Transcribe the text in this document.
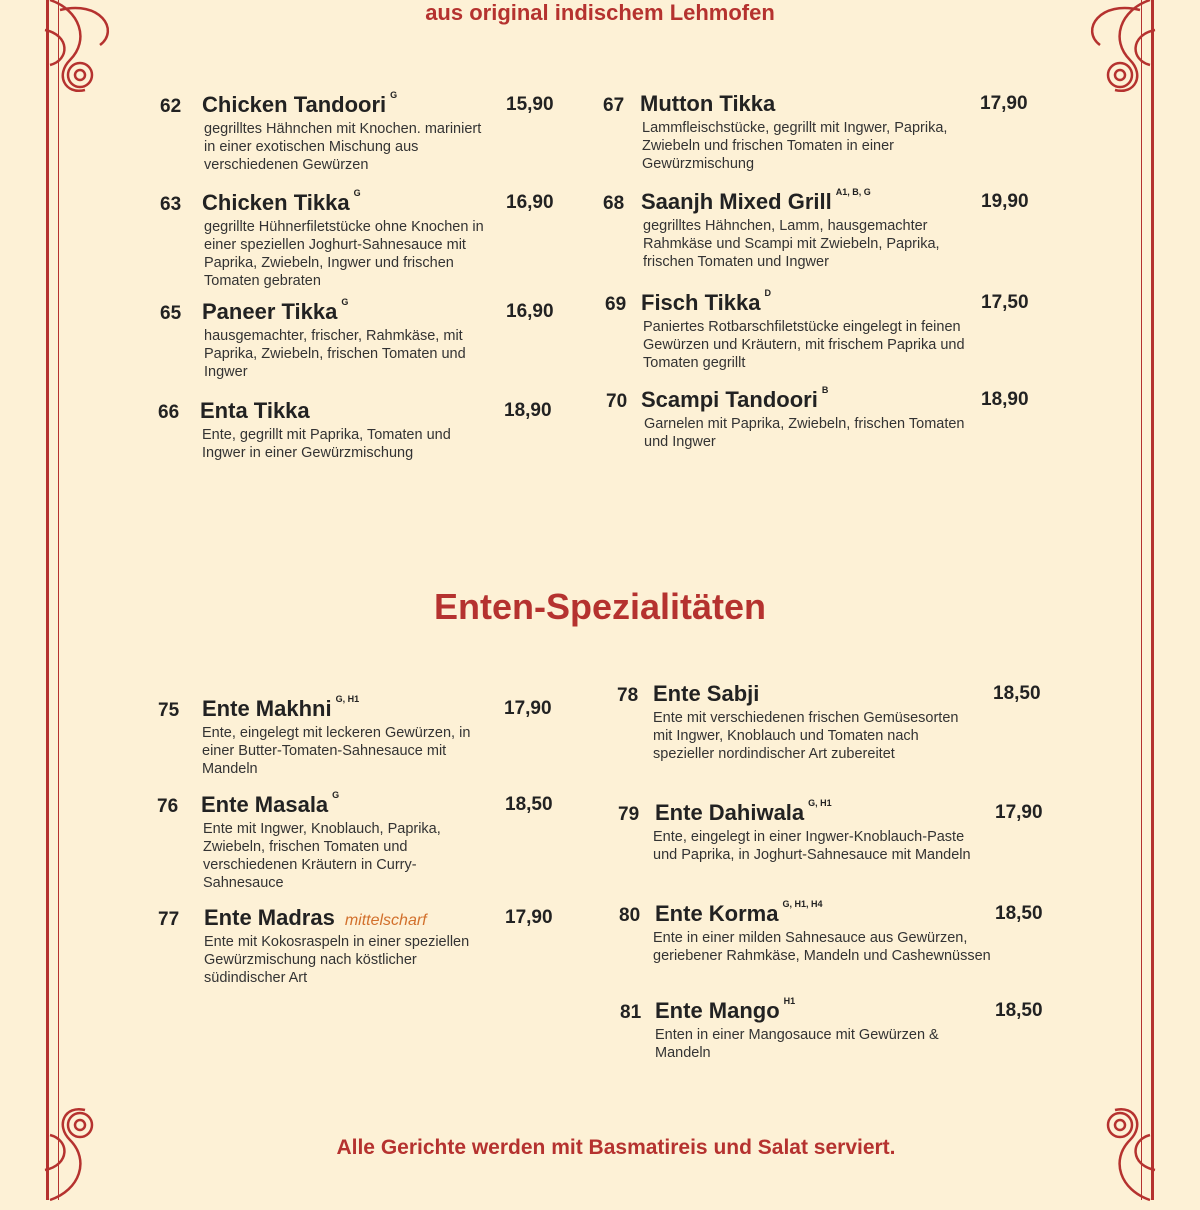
aus original indischem Lehmofen
62 Chicken Tandoori $^G$	15,90
gegrilltes Hähnchen mit Knochen. mariniert in einer exotischen Mischung aus verschiedenen Gewürzen
63 Chicken Tikka $^G$	16,90
gegrillte Hühnerfiletstücke ohne Knochen in einer speziellen Joghurt-Sahnesauce mit Paprika, Zwiebeln, Ingwer und frischen Tomaten gebraten
65 Paneer Tikka $^G$	16,90
hausgemachter, frischer, Rahmkäse, mit Paprika, Zwiebeln, frischen Tomaten und Ingwer
66 Enta Tikka	18,90
Ente, gegrillt mit Paprika, Tomaten und Ingwer in einer Gewürzmischung
67 Mutton Tikka	17,90
Lammfleischstücke, gegrillt mit Ingwer, Paprika, Zwiebeln und frischen Tomaten in einer Gewürzmischung
68 Saanjh Mixed Grill $^{A1, B, G}$	19,90
gegrilltes Hähnchen, Lamm, hausgemachter Rahmkäse und Scampi mit Zwiebeln, Paprika, frischen Tomaten und Ingwer
69 Fisch Tikka $^D$	17,50
Paniertes Rotbarschfiletstücke eingelegt in feinen Gewürzen und Kräutern, mit frischem Paprika und Tomaten gegrillt
70 Scampi Tandoori $^B$	18,90
Garnelen mit Paprika, Zwiebeln, frischen Tomaten und Ingwer
Enten-Spezialitäten
75 Ente Makhni $^{G, H1}$	17,90
Ente, eingelegt mit leckeren Gewürzen, in einer Butter-Tomaten-Sahnesauce mit Mandeln
76 Ente Masala $^G$	18,50
Ente mit Ingwer, Knoblauch, Paprika, Zwiebeln, frischen Tomaten und verschiedenen Kräutern in Curry-Sahnesauce
77 Ente Madras mittelscharf	17,90
Ente mit Kokosraspeln in einer speziellen Gewürzmischung nach köstlicher südindischer Art
78 Ente Sabji	18,50
Ente mit verschiedenen frischen Gemüsesorten mit Ingwer, Knoblauch und Tomaten nach spezieller nordindischer Art zubereitet
79 Ente Dahiwala $^{G, H1}$	17,90
Ente, eingelegt in einer Ingwer-Knoblauch-Paste und Paprika, in Joghurt-Sahnesauce mit Mandeln
80 Ente Korma $^{G, H1, H4}$	18,50
Ente in einer milden Sahnesauce aus Gewürzen, geriebener Rahmkäse, Mandeln und Cashewnüssen
81 Ente Mango $^{H1}$	18,50
Enten in einer Mangosauce mit Gewürzen & Mandeln
Alle Gerichte werden mit Basmatireis und Salat serviert.
